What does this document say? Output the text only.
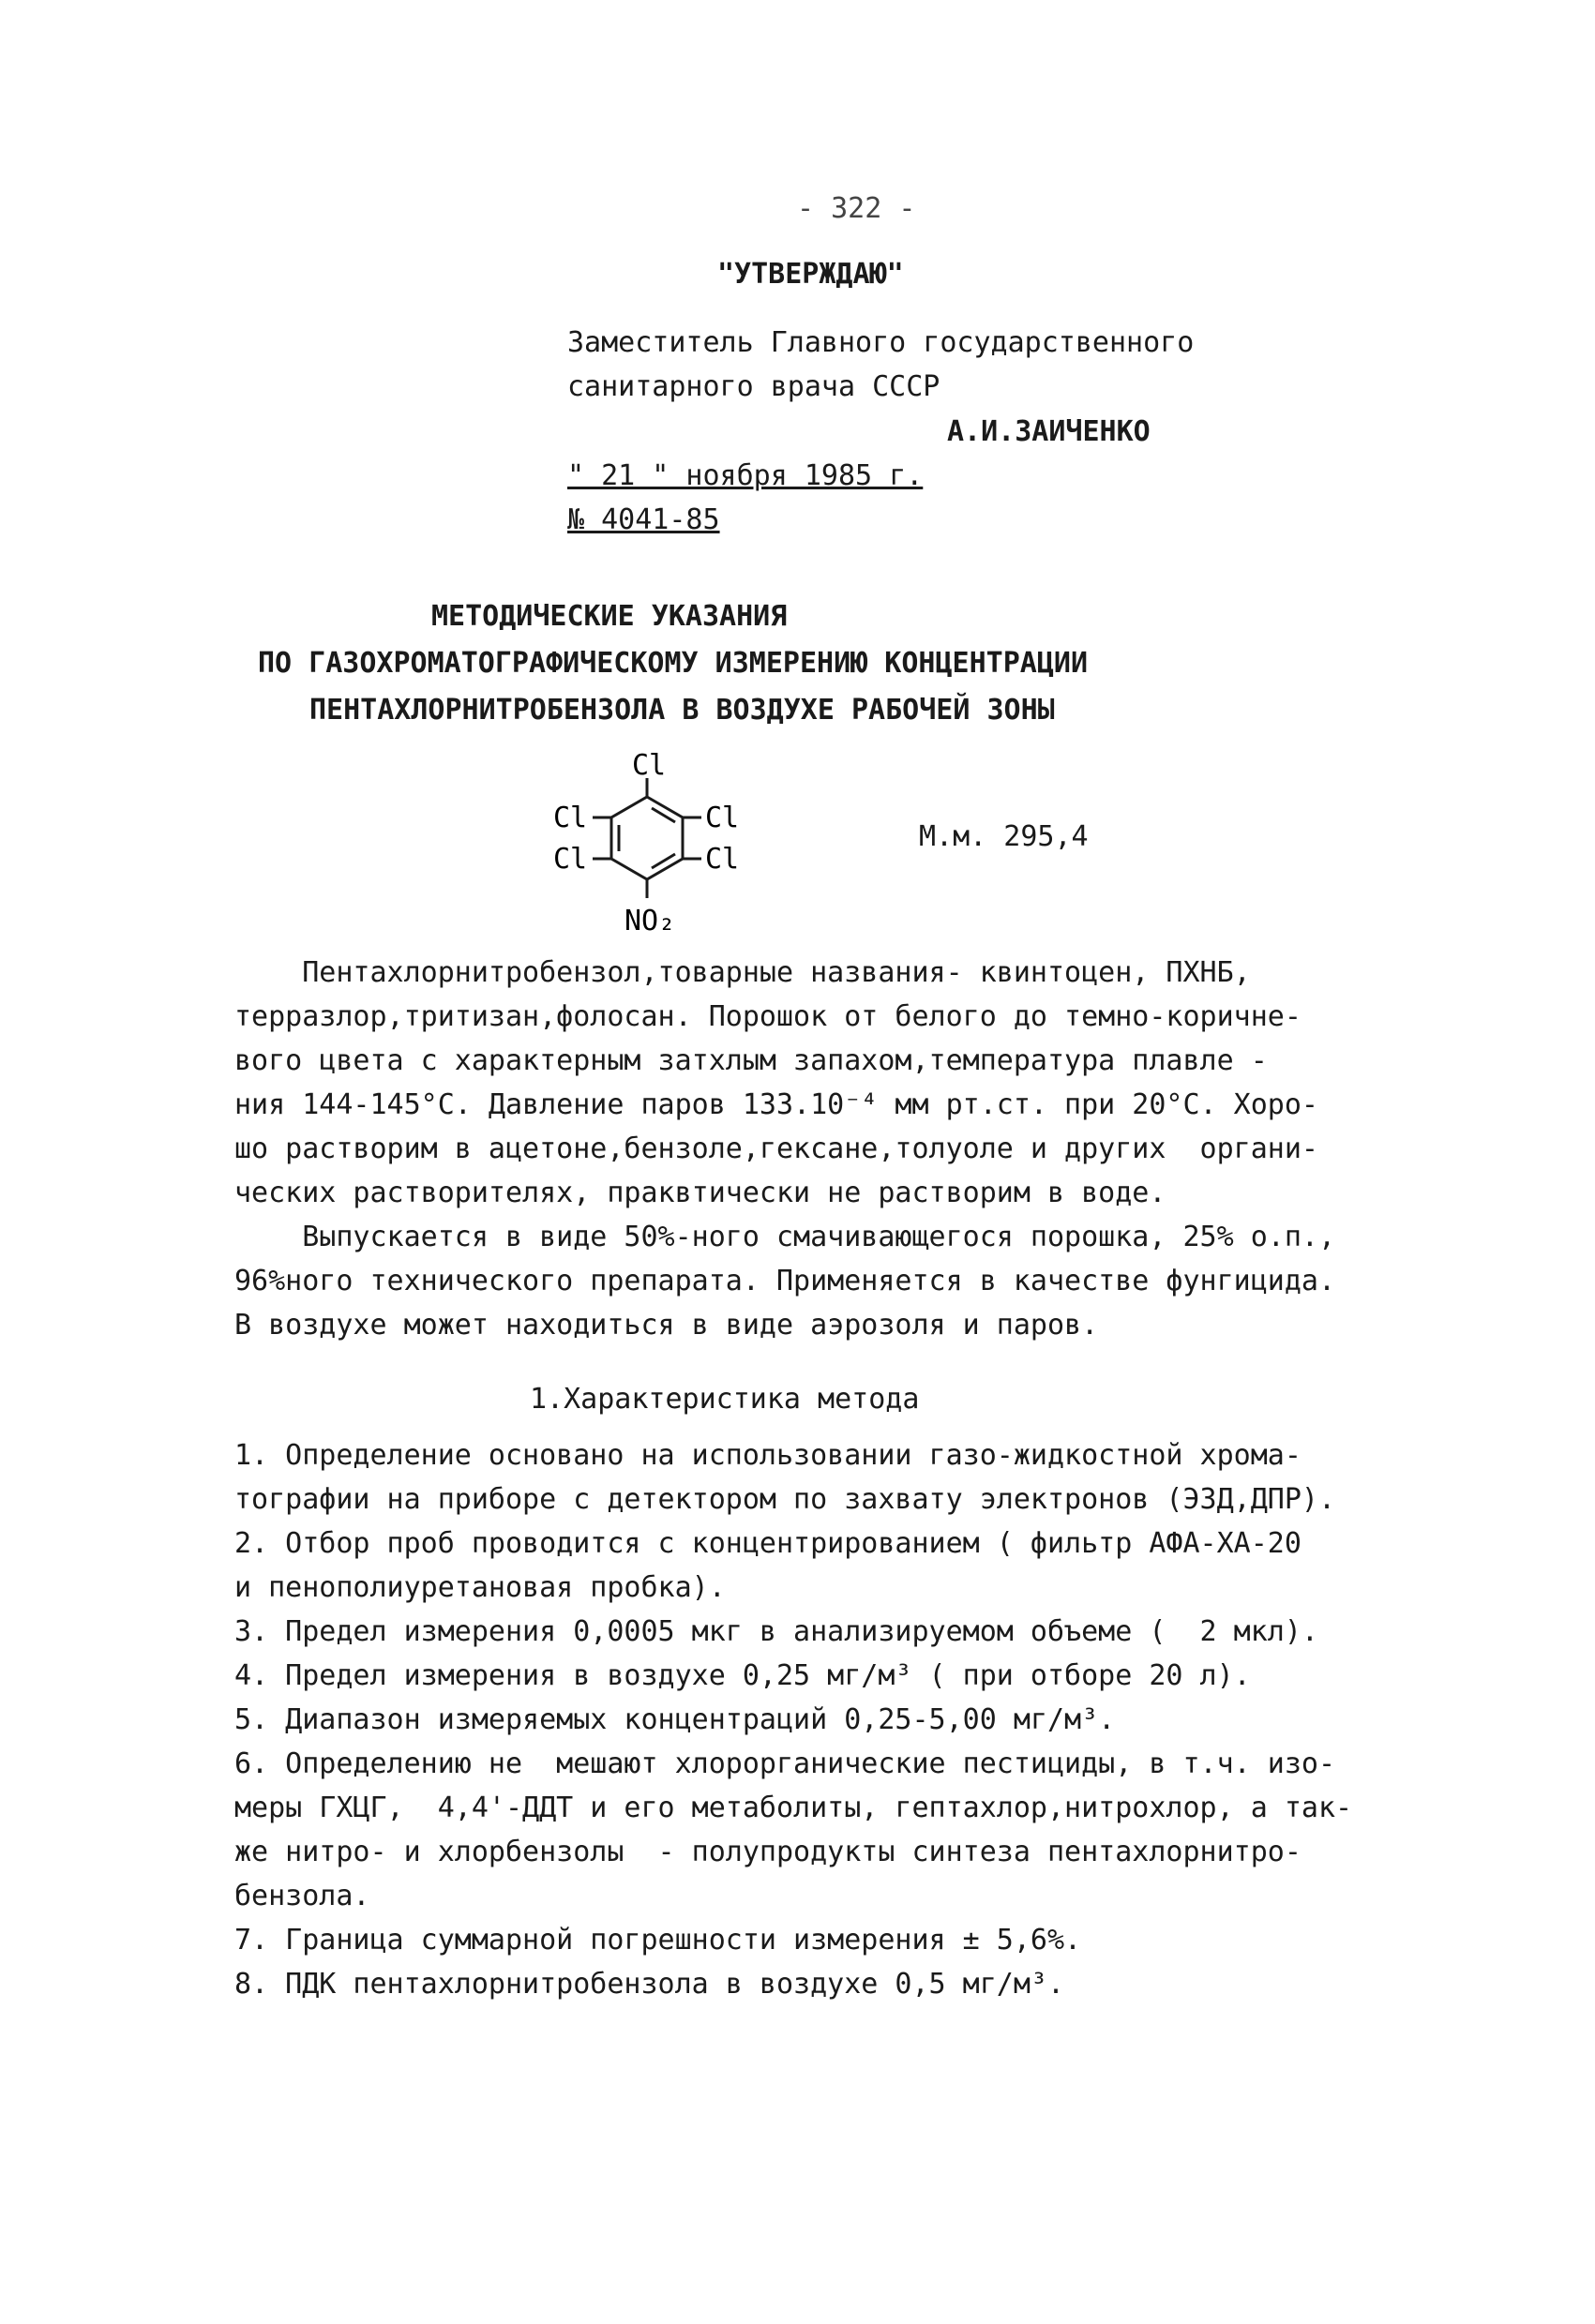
- 322 -
"УТВЕРЖДАЮ"
Заместитель Главного государственного
санитарного врача СССР
А.И.ЗАИЧЕНКО
" 21 " ноября 1985 г.
№ 4041-85
МЕТОДИЧЕСКИЕ УКАЗАНИЯ
ПО ГАЗОХРОМАТОГРАФИЧЕСКОМУ ИЗМЕРЕНИЮ КОНЦЕНТРАЦИИ
ПЕНТАХЛОРНИТРОБЕНЗОЛА В ВОЗДУХЕ РАБОЧЕЙ ЗОНЫ
Cl
Cl
Cl
Cl
Cl
NO₂
М.м. 295,4
Пентахлорнитробензол,товарные названия- квинтоцен, ПХНБ,
терразлор,тритизан,фолосан. Порошок от белого до темно-коричне-
вого цвета с характерным затхлым запахом,температура плавле -
ния 144-145°C. Давление паров 133.10⁻⁴ мм рт.ст. при 20°C. Хоро-
шо растворим в ацетоне,бензоле,гексане,толуоле и других  органи-
ческих растворителях, праквтически не растворим в воде.
Выпускается в виде 50%-ного смачивающегося порошка, 25% о.п.,
96%ного технического препарата. Применяется в качестве фунгицида.
В воздухе может находиться в виде аэрозоля и паров.
1.Характеристика метода
1. Определение основано на использовании газо-жидкостной хрома-
тографии на приборе с детектором по захвату электронов (ЭЗД,ДПР).
2. Отбор проб проводится с концентрированием ( фильтр АФА-ХА-20
и пенополиуретановая пробка).
3. Предел измерения 0,0005 мкг в анализируемом объеме (  2 мкл).
4. Предел измерения в воздухе 0,25 мг/м³ ( при отборе 20 л).
5. Диапазон измеряемых концентраций 0,25-5,00 мг/м³.
6. Определению не  мешают хлорорганические пестициды, в т.ч. изо-
меры ГХЦГ,  4,4'-ДДТ и его метаболиты, гептахлор,нитрохлор, а так-
же нитро- и хлорбензолы  - полупродукты синтеза пентахлорнитро-
бензола.
7. Граница суммарной погрешности измерения ± 5,6%.
8. ПДК пентахлорнитробензола в воздухе 0,5 мг/м³.
